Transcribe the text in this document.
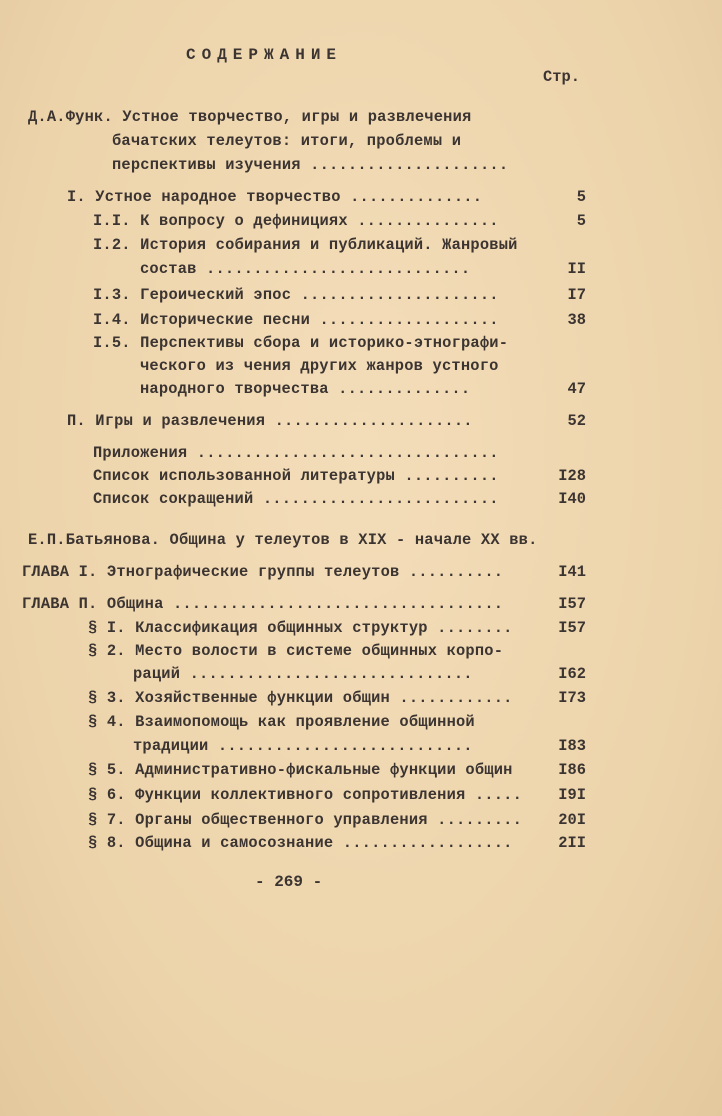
СОДЕРЖАНИЕ
Стр.
Д.А.Функ. Устное творчество, игры и развлечения
бачатских телеутов: итоги, проблемы и
перспективы изучения .....................
I. Устное народное творчество ..............	5
I.I. К вопросу о дефинициях ...............	5
I.2. История собирания и публикаций. Жанровый
состав ............................	II
I.3. Героический эпос .....................	I7
I.4. Исторические песни ...................	38
I.5. Перспективы сбора и историко-этнографи-
ческого из чения других жанров устного
народного творчества ..............	47
П. Игры и развлечения .....................	52
Приложения ................................
Список использованной литературы ..........	I28
Список сокращений .........................	I40
Е.П.Батьянова. Община у телеутов в XIX - начале XX вв.
ГЛАВА I. Этнографические группы телеутов ..........	I41
ГЛАВА П. Община ...................................	I57
§ I. Классификация общинных структур ........	I57
§ 2. Место волости в системе общинных корпо-
раций ..............................	I62
§ 3. Хозяйственные функции общин ............	I73
§ 4. Взаимопомощь как проявление общинной
традиции ...........................	I83
§ 5. Административно-фискальные функции общин	I86
§ 6. Функции коллективного сопротивления ..... I9I
§ 7. Органы общественного управления ......... 20I
§ 8. Община и самосознание ..................	2II
- 269 -
